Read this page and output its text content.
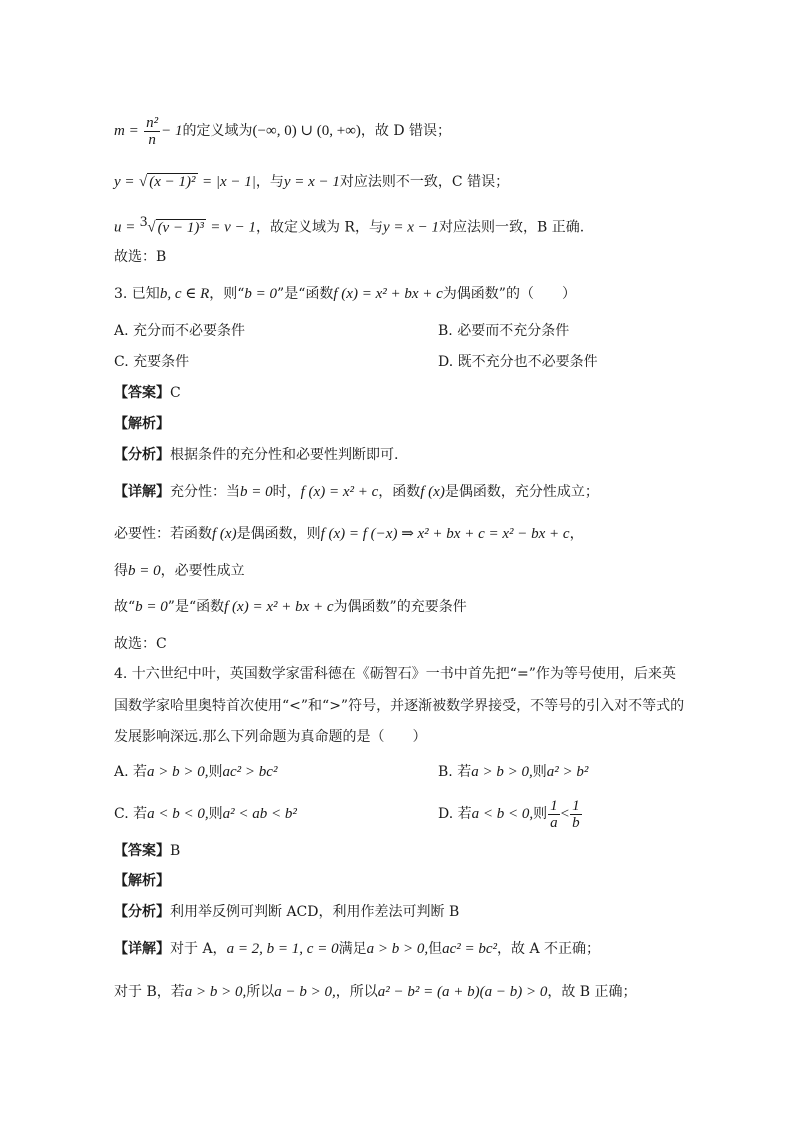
$m = \frac{\text{n²}}{n} - 1$的定义域为(−∞, 0) ∪ (0, +∞)，故 D 错误；
y = √ (x − 1)² = |x − 1|，与y = x − 1对应法则不一致，C 错误；
u = $^3$√ (v − 1)³ = v − 1，故定义域为 R，与y = x − 1对应法则一致，B 正确.
故选：B
3. 已知b, c ∈ R，则“b = 0”是“函数f (x) = x² + bx + c为偶函数”的（　　）
A. 充分而不必要条件	B. 必要而不充分条件
C. 充要条件	D. 既不充分也不必要条件
【答案】C
【解析】
【分析】根据条件的充分性和必要性判断即可.
【详解】充分性：当b = 0时，f (x) = x² + c，函数f (x)是偶函数，充分性成立；
必要性：若函数f (x)是偶函数，则f (x) = f (−x) ⇒ x² + bx + c = x² − bx + c，
得b = 0，必要性成立
故“b = 0”是“函数f (x) = x² + bx + c为偶函数”的充要条件
故选：C
4. 十六世纪中叶，英国数学家雷科德在《砺智石》一书中首先把“=”作为等号使用，后来英
国数学家哈里奥特首次使用“<”和“>”符号，并逐渐被数学界接受，不等号的引入对不等式的
发展影响深远.那么下列命题为真命题的是（　　）
A. 若a > b > 0,则ac² > bc²	B. 若a > b > 0,则a² > b²
C. 若a < b < 0,则a² < ab < b²	D. 若a < b < 0,则 $\frac{1}{a} < \frac{1}{b}$
【答案】B
【解析】
【分析】利用举反例可判断 ACD，利用作差法可判断 B
【详解】对于 A，a = 2, b = 1, c = 0满足a > b > 0,但ac² = bc²，故 A 不正确；
对于 B，若a > b > 0,所以a − b > 0,，所以a² − b² = (a + b)(a − b) > 0，故 B 正确；
